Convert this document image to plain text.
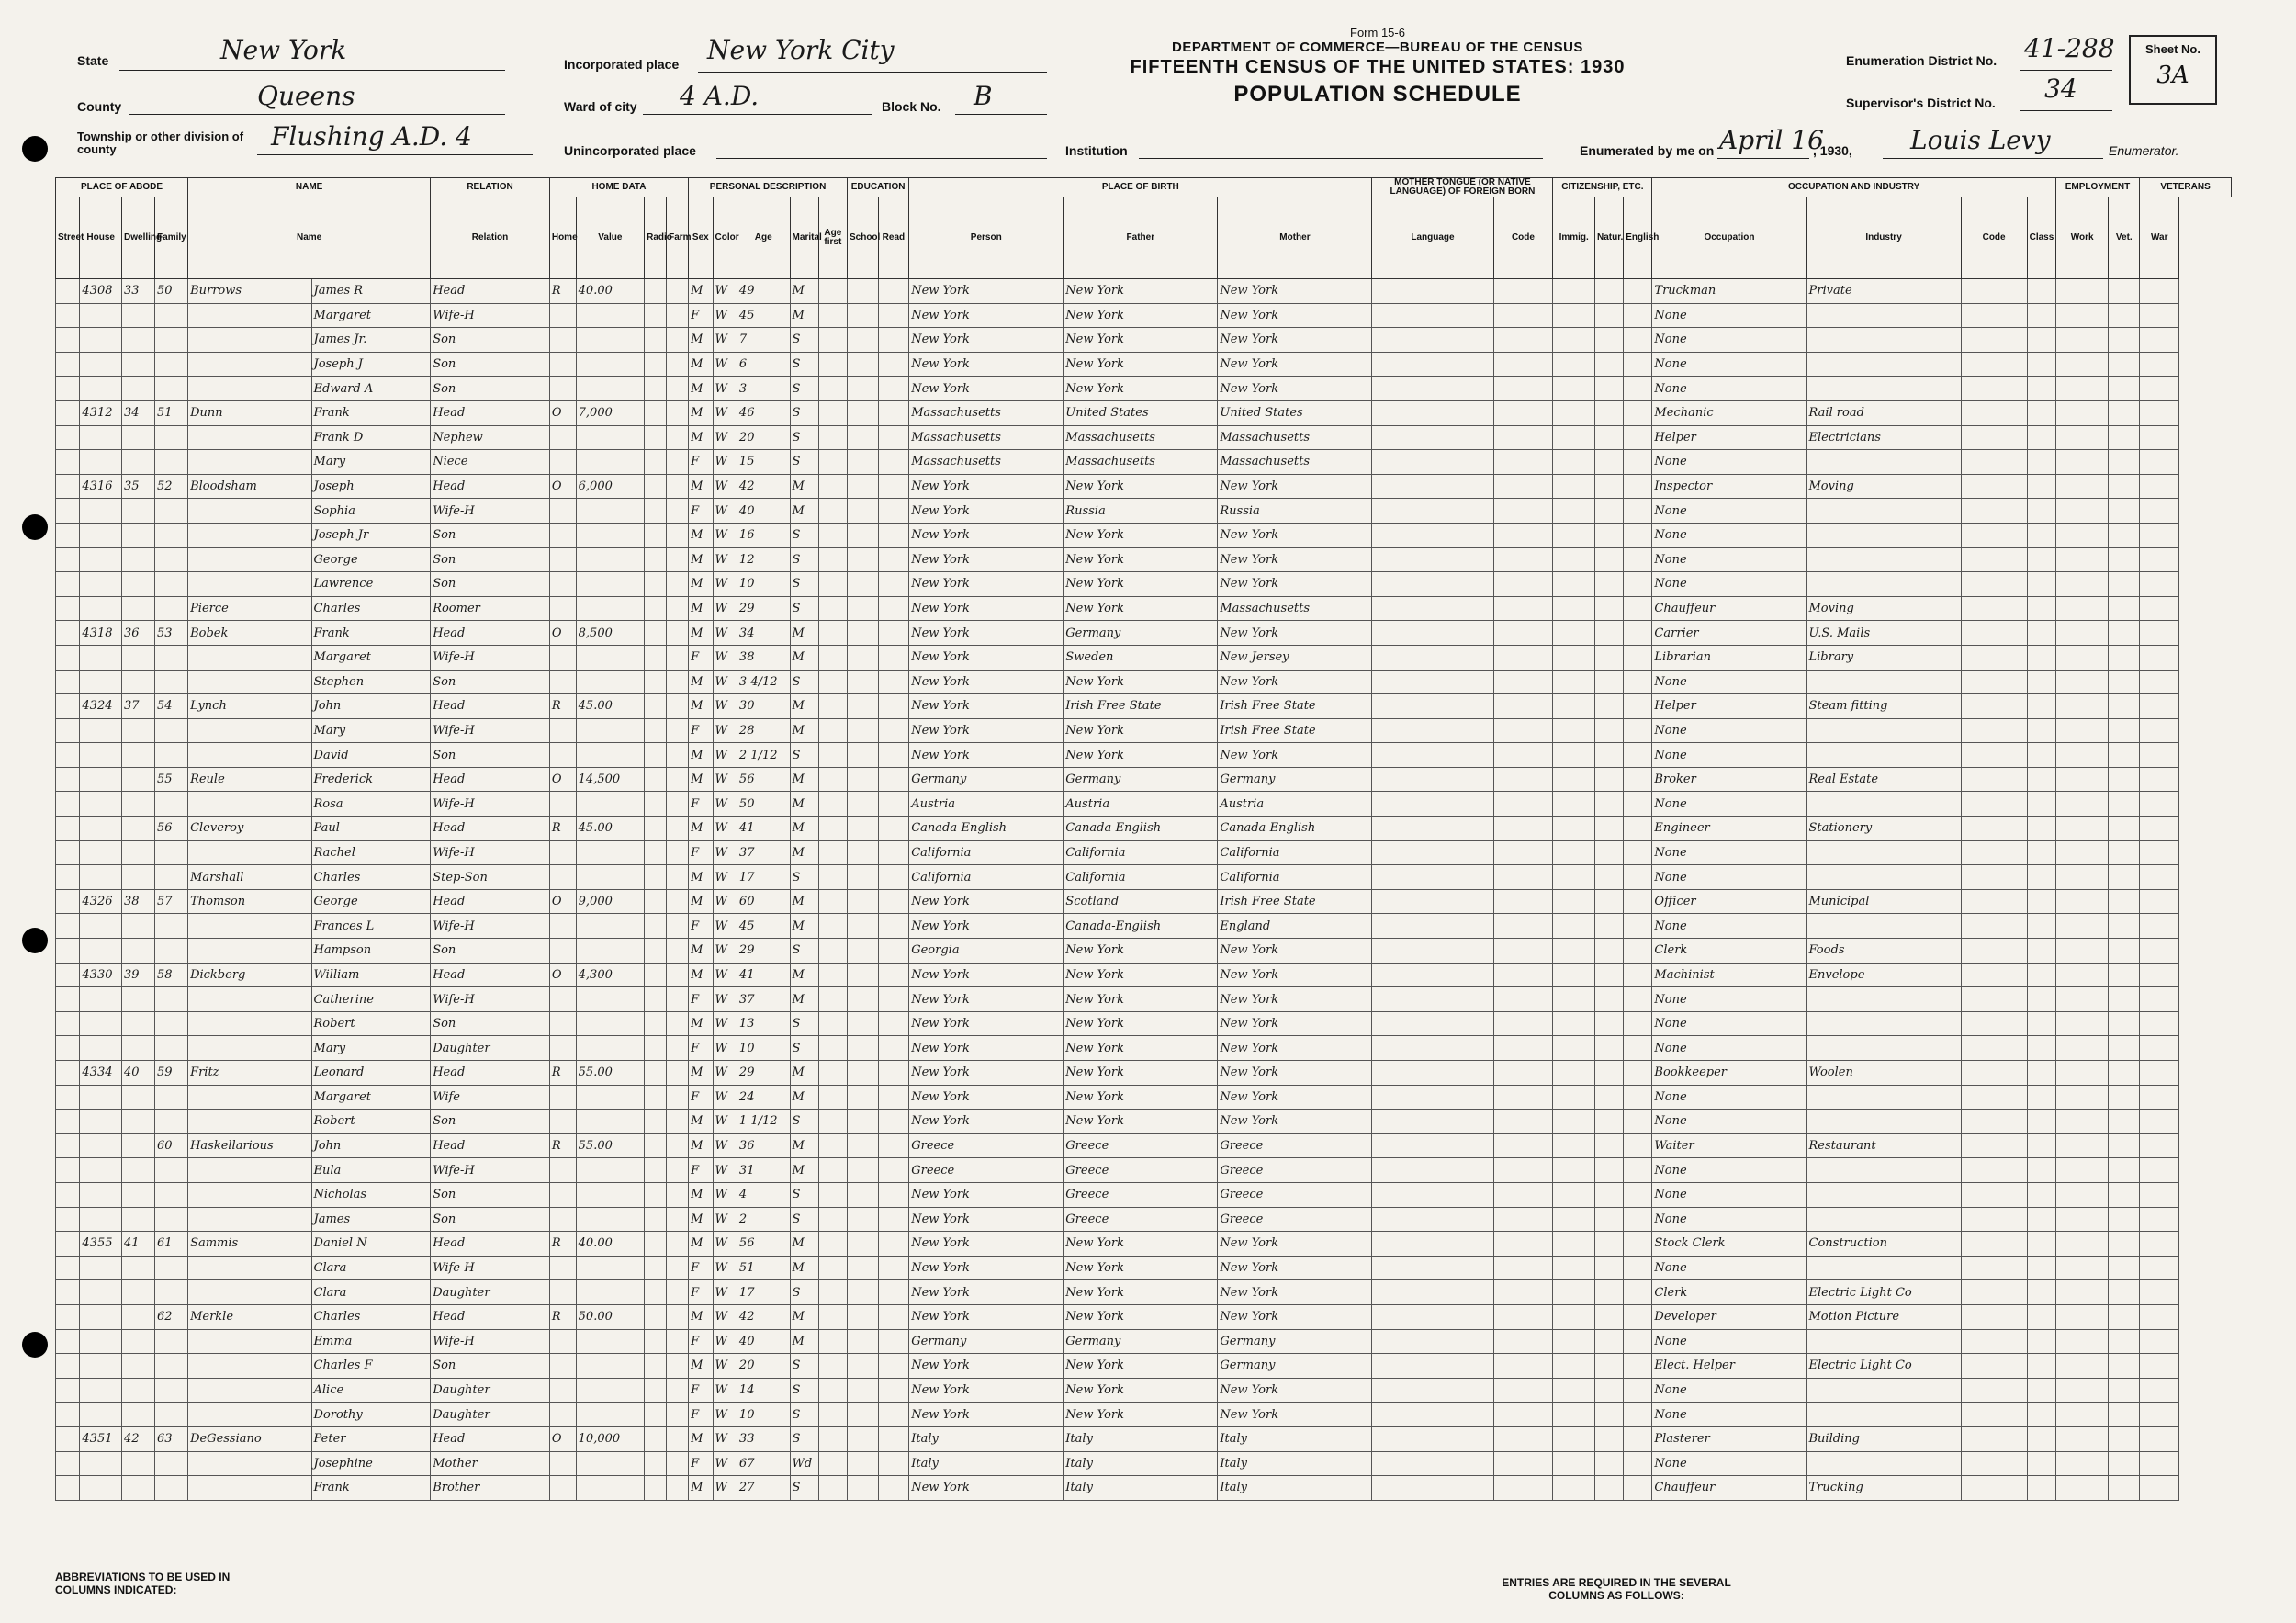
Form 15-6
DEPARTMENT OF COMMERCE—BUREAU OF THE CENSUS
FIFTEENTH CENSUS OF THE UNITED STATES: 1930
POPULATION SCHEDULE
State	New York
County	Queens
Township or other division of county	Flushing A.D. 4
Incorporated place New York City
Ward of city 4 A.D.	Block No. B
Unincorporated place	Institution
Enumeration District No. 41-288
Supervisor's District No. 34
Sheet No.
3A
Enumerated by me on April 16
, 1930, Louis Levy	Enumerator.
PLACE OF ABODE				NAME		RELATION	HOME DATA				PERSONAL DESCRIPTION					EDUCATION		PLACE OF BIRTH			MOTHER TONGUE (OR NATIVE LANGUAGE) OF FOREIGN BORN		CITIZENSHIP, ETC.			OCCUPATION AND INDUSTRY				EMPLOYMENT		VETERANS
Street	House	Dwelling	Family	Name		Relation	Home	Value	Radio	Farm	Sex	Color	Age	Marital	Age first	School	Read	Person	Father	Mother	Language	Code	Immig.	Natur.	English	Occupation	Industry	Code	Class	Work	Vet.	War
	4308	33	50	Burrows	James R	Head	R	40.00			M	W	49	M				New York	New York	New York						Truckman	Private					
					Margaret	Wife-H					F	W	45	M				New York	New York	New York						None						
					James Jr.	Son					M	W	7	S				New York	New York	New York						None						
					Joseph J	Son					M	W	6	S				New York	New York	New York						None						
					Edward A	Son					M	W	3	S				New York	New York	New York						None						
	4312	34	51	Dunn	Frank	Head	O	7,000			M	W	46	S				Massachusetts	United States	United States						Mechanic	Rail road					
					Frank D	Nephew					M	W	20	S				Massachusetts	Massachusetts	Massachusetts						Helper	Electricians					
					Mary	Niece					F	W	15	S				Massachusetts	Massachusetts	Massachusetts						None						
	4316	35	52	Bloodsham	Joseph	Head	O	6,000			M	W	42	M				New York	New York	New York						Inspector	Moving					
					Sophia	Wife-H					F	W	40	M				New York	Russia	Russia						None						
					Joseph Jr	Son					M	W	16	S				New York	New York	New York						None						
					George	Son					M	W	12	S				New York	New York	New York						None						
					Lawrence	Son					M	W	10	S				New York	New York	New York						None						
				Pierce	Charles	Roomer					M	W	29	S				New York	New York	Massachusetts						Chauffeur	Moving					
	4318	36	53	Bobek	Frank	Head	O	8,500			M	W	34	M				New York	Germany	New York						Carrier	U.S. Mails					
					Margaret	Wife-H					F	W	38	M				New York	Sweden	New Jersey						Librarian	Library					
					Stephen	Son					M	W	3 4/12	S				New York	New York	New York						None						
	4324	37	54	Lynch	John	Head	R	45.00			M	W	30	M				New York	Irish Free State	Irish Free State						Helper	Steam fitting					
					Mary	Wife-H					F	W	28	M				New York	New York	Irish Free State						None						
					David	Son					M	W	2 1/12	S				New York	New York	New York						None						
			55	Reule	Frederick	Head	O	14,500			M	W	56	M				Germany	Germany	Germany						Broker	Real Estate					
					Rosa	Wife-H					F	W	50	M				Austria	Austria	Austria						None						
			56	Cleveroy	Paul	Head	R	45.00			M	W	41	M				Canada-English	Canada-English	Canada-English						Engineer	Stationery					
					Rachel	Wife-H					F	W	37	M				California	California	California						None						
				Marshall	Charles	Step-Son					M	W	17	S				California	California	California						None						
	4326	38	57	Thomson	George	Head	O	9,000			M	W	60	M				New York	Scotland	Irish Free State						Officer	Municipal					
					Frances L	Wife-H					F	W	45	M				New York	Canada-English	England						None						
					Hampson	Son					M	W	29	S				Georgia	New York	New York						Clerk	Foods					
	4330	39	58	Dickberg	William	Head	O	4,300			M	W	41	M				New York	New York	New York						Machinist	Envelope					
					Catherine	Wife-H					F	W	37	M				New York	New York	New York						None						
					Robert	Son					M	W	13	S				New York	New York	New York						None						
					Mary	Daughter					F	W	10	S				New York	New York	New York						None						
	4334	40	59	Fritz	Leonard	Head	R	55.00			M	W	29	M				New York	New York	New York						Bookkeeper	Woolen					
					Margaret	Wife					F	W	24	M				New York	New York	New York						None						
					Robert	Son					M	W	1 1/12	S				New York	New York	New York						None						
			60	Haskellarious	John	Head	R	55.00			M	W	36	M				Greece	Greece	Greece						Waiter	Restaurant					
					Eula	Wife-H					F	W	31	M				Greece	Greece	Greece						None						
					Nicholas	Son					M	W	4	S				New York	Greece	Greece						None						
					James	Son					M	W	2	S				New York	Greece	Greece						None						
	4355	41	61	Sammis	Daniel N	Head	R	40.00			M	W	56	M				New York	New York	New York						Stock Clerk	Construction					
					Clara	Wife-H					F	W	51	M				New York	New York	New York						None						
					Clara	Daughter					F	W	17	S				New York	New York	New York						Clerk	Electric Light Co					
			62	Merkle	Charles	Head	R	50.00			M	W	42	M				New York	New York	New York						Developer	Motion Picture					
					Emma	Wife-H					F	W	40	M				Germany	Germany	Germany						None						
					Charles F	Son					M	W	20	S				New York	New York	Germany						Elect. Helper	Electric Light Co					
					Alice	Daughter					F	W	14	S				New York	New York	New York						None						
					Dorothy	Daughter					F	W	10	S				New York	New York	New York						None						
	4351	42	63	DeGessiano	Peter	Head	O	10,000			M	W	33	S				Italy	Italy	Italy						Plasterer	Building					
					Josephine	Mother					F	W	67	Wd				Italy	Italy	Italy						None						
					Frank	Brother					M	W	27	S				New York	Italy	Italy						Chauffeur	Trucking					
ABBREVIATIONS TO BE USED IN COLUMNS INDICATED:
ENTRIES ARE REQUIRED IN THE SEVERAL COLUMNS AS FOLLOWS:
